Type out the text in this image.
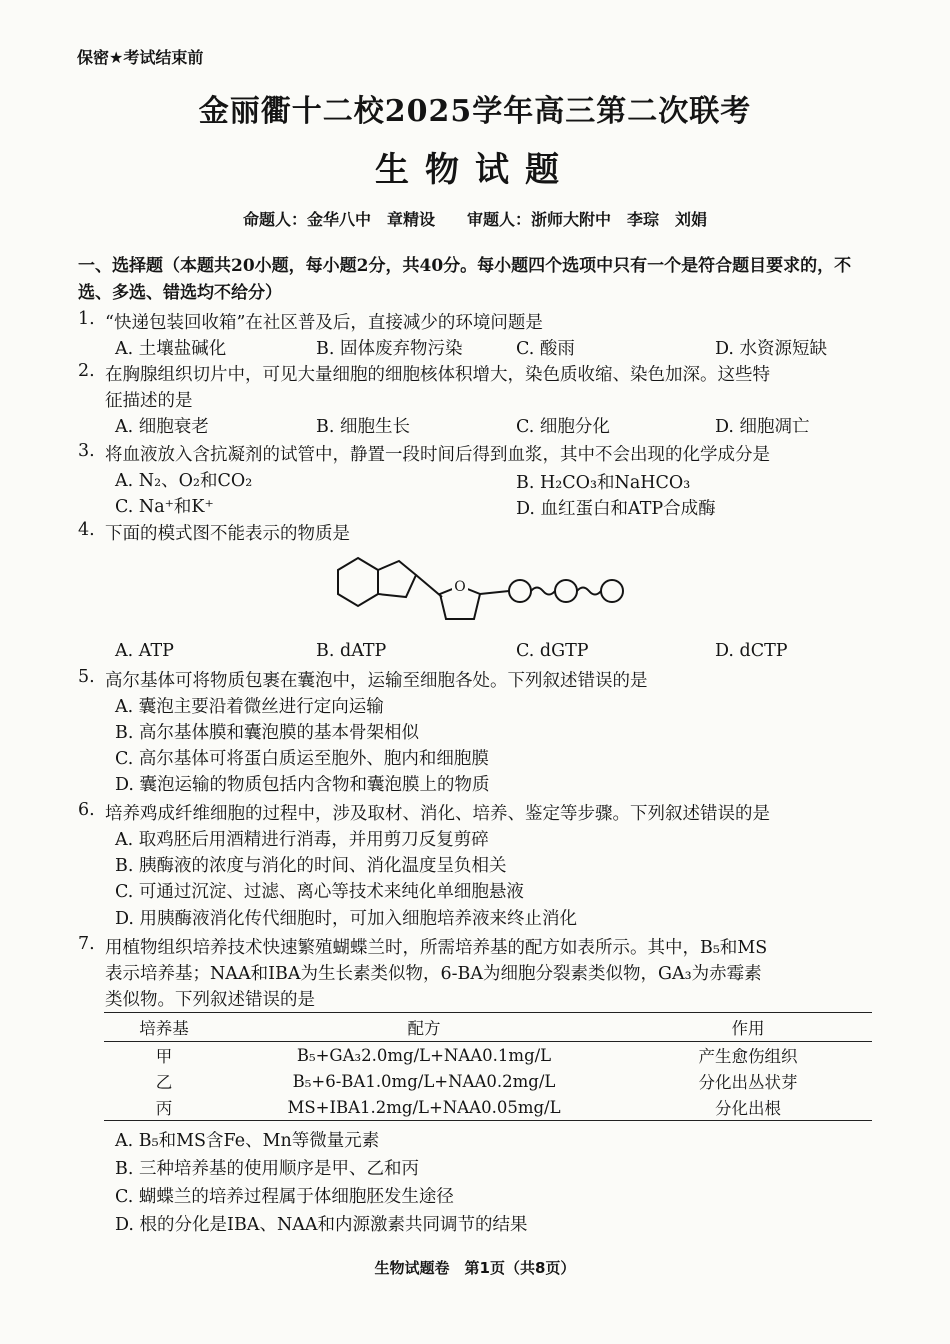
保密★考试结束前
金丽衢十二校2025学年高三第二次联考
生物试题
命题人：金华八中　章精设　　审题人：浙师大附中　李琮　刘娟
一、选择题（本题共20小题，每小题2分，共40分。每小题四个选项中只有一个是符合题目要求的，不选、多选、错选均不给分）
1. “快递包装回收箱”在社区普及后，直接减少的环境问题是
A. 土壤盐碱化	B. 固体废弃物污染	C. 酸雨	D. 水资源短缺
2. 在胸腺组织切片中，可见大量细胞的细胞核体积增大，染色质收缩、染色加深。这些特
征描述的是
A. 细胞衰老	B. 细胞生长	C. 细胞分化	D. 细胞凋亡
3. 将血液放入含抗凝剂的试管中，静置一段时间后得到血浆，其中不会出现的化学成分是
A. N₂、O₂和CO₂	B. H₂CO₃和NaHCO₃
C. Na⁺和K⁺	D. 血红蛋白和ATP合成酶
4. 下面的模式图不能表示的物质是
O
A. ATP	B. dATP	C. dGTP	D. dCTP
5. 高尔基体可将物质包裹在囊泡中，运输至细胞各处。下列叙述错误的是
A. 囊泡主要沿着微丝进行定向运输
B. 高尔基体膜和囊泡膜的基本骨架相似
C. 高尔基体可将蛋白质运至胞外、胞内和细胞膜
D. 囊泡运输的物质包括内含物和囊泡膜上的物质
6. 培养鸡成纤维细胞的过程中，涉及取材、消化、培养、鉴定等步骤。下列叙述错误的是
A. 取鸡胚后用酒精进行消毒，并用剪刀反复剪碎
B. 胰酶液的浓度与消化的时间、消化温度呈负相关
C. 可通过沉淀、过滤、离心等技术来纯化单细胞悬液
D. 用胰酶液消化传代细胞时，可加入细胞培养液来终止消化
7. 用植物组织培养技术快速繁殖蝴蝶兰时，所需培养基的配方如表所示。其中，B₅和MS
表示培养基；NAA和IBA为生长素类似物，6-BA为细胞分裂素类似物，GA₃为赤霉素
类似物。下列叙述错误的是
培养基	配方	作用
甲	B₅+GA₃2.0mg/L+NAA0.1mg/L	产生愈伤组织
乙	B₅+6-BA1.0mg/L+NAA0.2mg/L	分化出丛状芽
丙	MS+IBA1.2mg/L+NAA0.05mg/L	分化出根
A. B₅和MS含Fe、Mn等微量元素
B. 三种培养基的使用顺序是甲、乙和丙
C. 蝴蝶兰的培养过程属于体细胞胚发生途径
D. 根的分化是IBA、NAA和内源激素共同调节的结果
生物试题卷　第1页（共8页）
